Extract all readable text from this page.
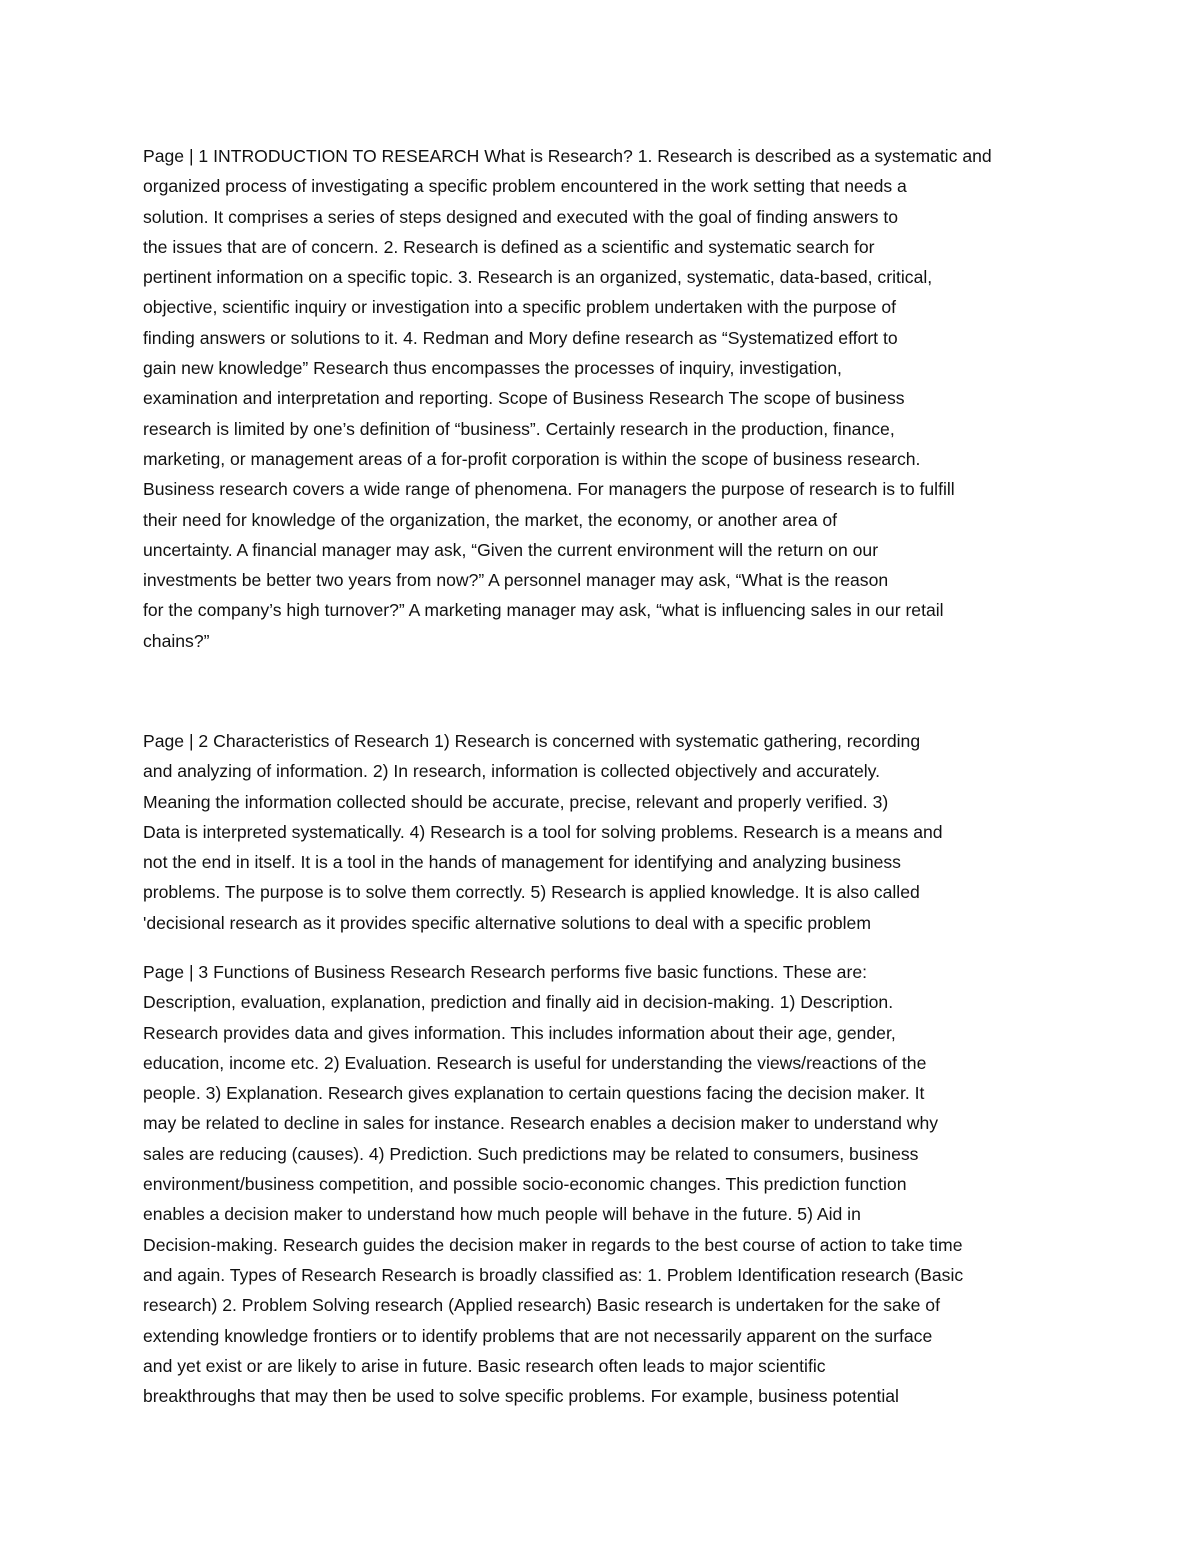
Page | 1 INTRODUCTION TO RESEARCH What is Research? 1. Research is described as a systematic and
organized process of investigating a specific problem encountered in the work setting that needs a
solution. It comprises a series of steps designed and executed with the goal of finding answers to
the issues that are of concern. 2. Research is defined as a scientific and systematic search for
pertinent information on a specific topic. 3. Research is an organized, systematic, data-based, critical,
objective, scientific inquiry or investigation into a specific problem undertaken with the purpose of
finding answers or solutions to it. 4. Redman and Mory define research as “Systematized effort to
gain new knowledge” Research thus encompasses the processes of inquiry, investigation,
examination and interpretation and reporting. Scope of Business Research The scope of business
research is limited by one’s definition of “business”. Certainly research in the production, finance,
marketing, or management areas of a for-profit corporation is within the scope of business research.
Business research covers a wide range of phenomena. For managers the purpose of research is to fulfill
their need for knowledge of the organization, the market, the economy, or another area of
uncertainty. A financial manager may ask, “Given the current environment will the return on our
investments be better two years from now?” A personnel manager may ask, “What is the reason
for the company’s high turnover?” A marketing manager may ask, “what is influencing sales in our retail
chains?”
Page | 2 Characteristics of Research 1) Research is concerned with systematic gathering, recording
and analyzing of information. 2) In research, information is collected objectively and accurately.
Meaning the information collected should be accurate, precise, relevant and properly verified. 3)
Data is interpreted systematically. 4) Research is a tool for solving problems. Research is a means and
not the end in itself. It is a tool in the hands of management for identifying and analyzing business
problems. The purpose is to solve them correctly. 5) Research is applied knowledge. It is also called
'decisional research as it provides specific alternative solutions to deal with a specific problem
Page | 3 Functions of Business Research Research performs five basic functions. These are:
Description, evaluation, explanation, prediction and finally aid in decision-making. 1) Description.
Research provides data and gives information. This includes information about their age, gender,
education, income etc. 2) Evaluation. Research is useful for understanding the views/reactions of the
people. 3) Explanation. Research gives explanation to certain questions facing the decision maker. It
may be related to decline in sales for instance. Research enables a decision maker to understand why
sales are reducing (causes). 4) Prediction. Such predictions may be related to consumers, business
environment/business competition, and possible socio-economic changes. This prediction function
enables a decision maker to understand how much people will behave in the future. 5) Aid in
Decision-making. Research guides the decision maker in regards to the best course of action to take time
and again. Types of Research Research is broadly classified as: 1. Problem Identification research (Basic
research) 2. Problem Solving research (Applied research) Basic research is undertaken for the sake of
extending knowledge frontiers or to identify problems that are not necessarily apparent on the surface
and yet exist or are likely to arise in future. Basic research often leads to major scientific
breakthroughs that may then be used to solve specific problems. For example, business potential
